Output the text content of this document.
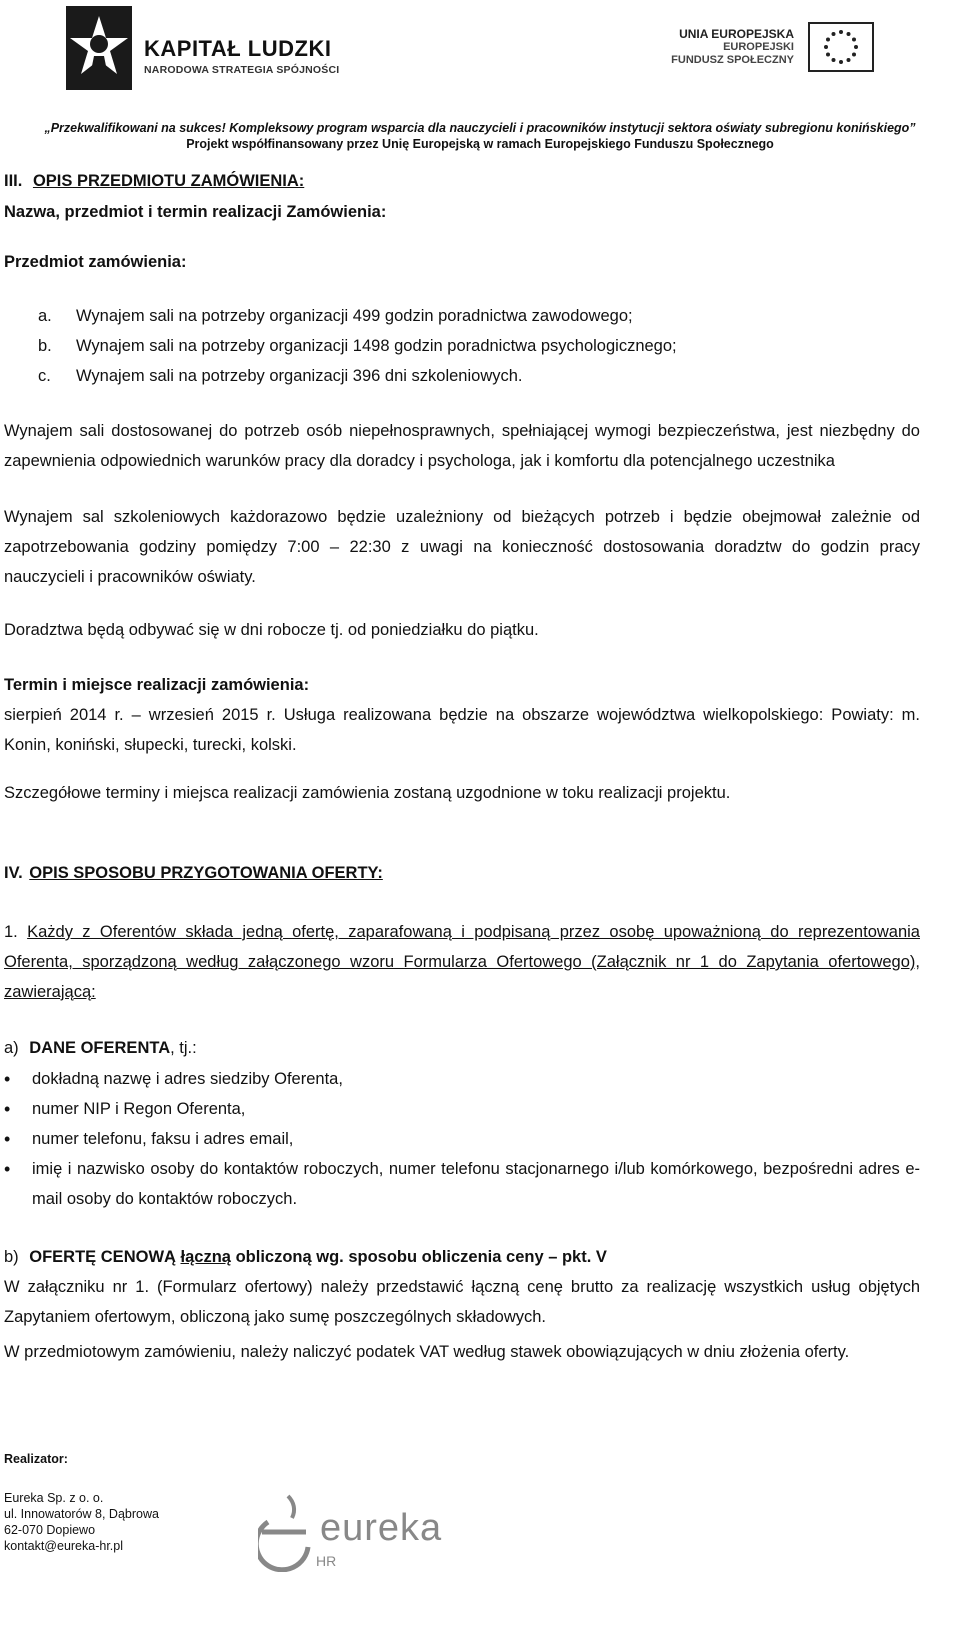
KAPITAŁ LUDZKI
NARODOWA STRATEGIA SPÓJNOŚCI
UNIA EUROPEJSKA
EUROPEJSKI
FUNDUSZ SPOŁECZNY
„Przekwalifikowani na sukces! Kompleksowy program wsparcia dla nauczycieli i pracowników instytucji sektora oświaty subregionu konińskiego”
Projekt współfinansowany przez Unię Europejską w ramach Europejskiego Funduszu Społecznego

III. OPIS PRZEDMIOTU ZAMÓWIENIA:

Nazwa, przedmiot i termin realizacji Zamówienia:

Przedmiot zamówienia:

a. Wynajem sali na potrzeby organizacji 499 godzin poradnictwa zawodowego;
b. Wynajem sali na potrzeby organizacji 1498 godzin poradnictwa psychologicznego;
c. Wynajem sali na potrzeby organizacji 396 dni szkoleniowych.

Wynajem sali dostosowanej do potrzeb osób niepełnosprawnych, spełniającej wymogi bezpieczeństwa, jest niezbędny do zapewnienia odpowiednich warunków pracy dla doradcy i psychologa, jak i komfortu dla potencjalnego uczestnika

Wynajem sal szkoleniowych każdorazowo będzie uzależniony od bieżących potrzeb i będzie obejmował zależnie od zapotrzebowania godziny pomiędzy 7:00 – 22:30 z uwagi na konieczność dostosowania doradztw do godzin pracy nauczycieli i pracowników oświaty.

Doradztwa będą odbywać się w dni robocze tj. od poniedziałku do piątku.

Termin i miejsce realizacji zamówienia:

sierpień 2014 r. – wrzesień 2015 r. Usługa realizowana będzie na obszarze województwa wielkopolskiego: Powiaty: m. Konin, koniński, słupecki, turecki, kolski.

Szczegółowe terminy i miejsca realizacji zamówienia zostaną uzgodnione w toku realizacji projektu.

IV. OPIS SPOSOBU PRZYGOTOWANIA OFERTY:

1. Każdy z Oferentów składa jedną ofertę, zaparafowaną i podpisaną przez osobę upoważnioną do reprezentowania Oferenta, sporządzoną według załączonego wzoru Formularza Ofertowego (Załącznik nr 1 do Zapytania ofertowego), zawierającą:

a) DANE OFERENTA, tj.:

• dokładną nazwę i adres siedziby Oferenta,
• numer NIP i Regon Oferenta,
• numer telefonu, faksu i adres email,
• imię i nazwisko osoby do kontaktów roboczych, numer telefonu stacjonarnego i/lub komórkowego, bezpośredni adres e-mail osoby do kontaktów roboczych.

b) OFERTĘ CENOWĄ łączną obliczoną wg. sposobu obliczenia ceny – pkt. V

W załączniku nr 1. (Formularz ofertowy) należy przedstawić łączną cenę brutto za realizację wszystkich usług objętych Zapytaniem ofertowym, obliczoną jako sumę poszczególnych składowych.

W przedmiotowym zamówieniu, należy naliczyć podatek VAT według stawek obowiązujących w dniu złożenia oferty.

Realizator:

Eureka Sp. z o. o.
ul. Innowatorów 8, Dąbrowa
62-070 Dopiewo
kontakt@eureka-hr.pl	eureka
HR
